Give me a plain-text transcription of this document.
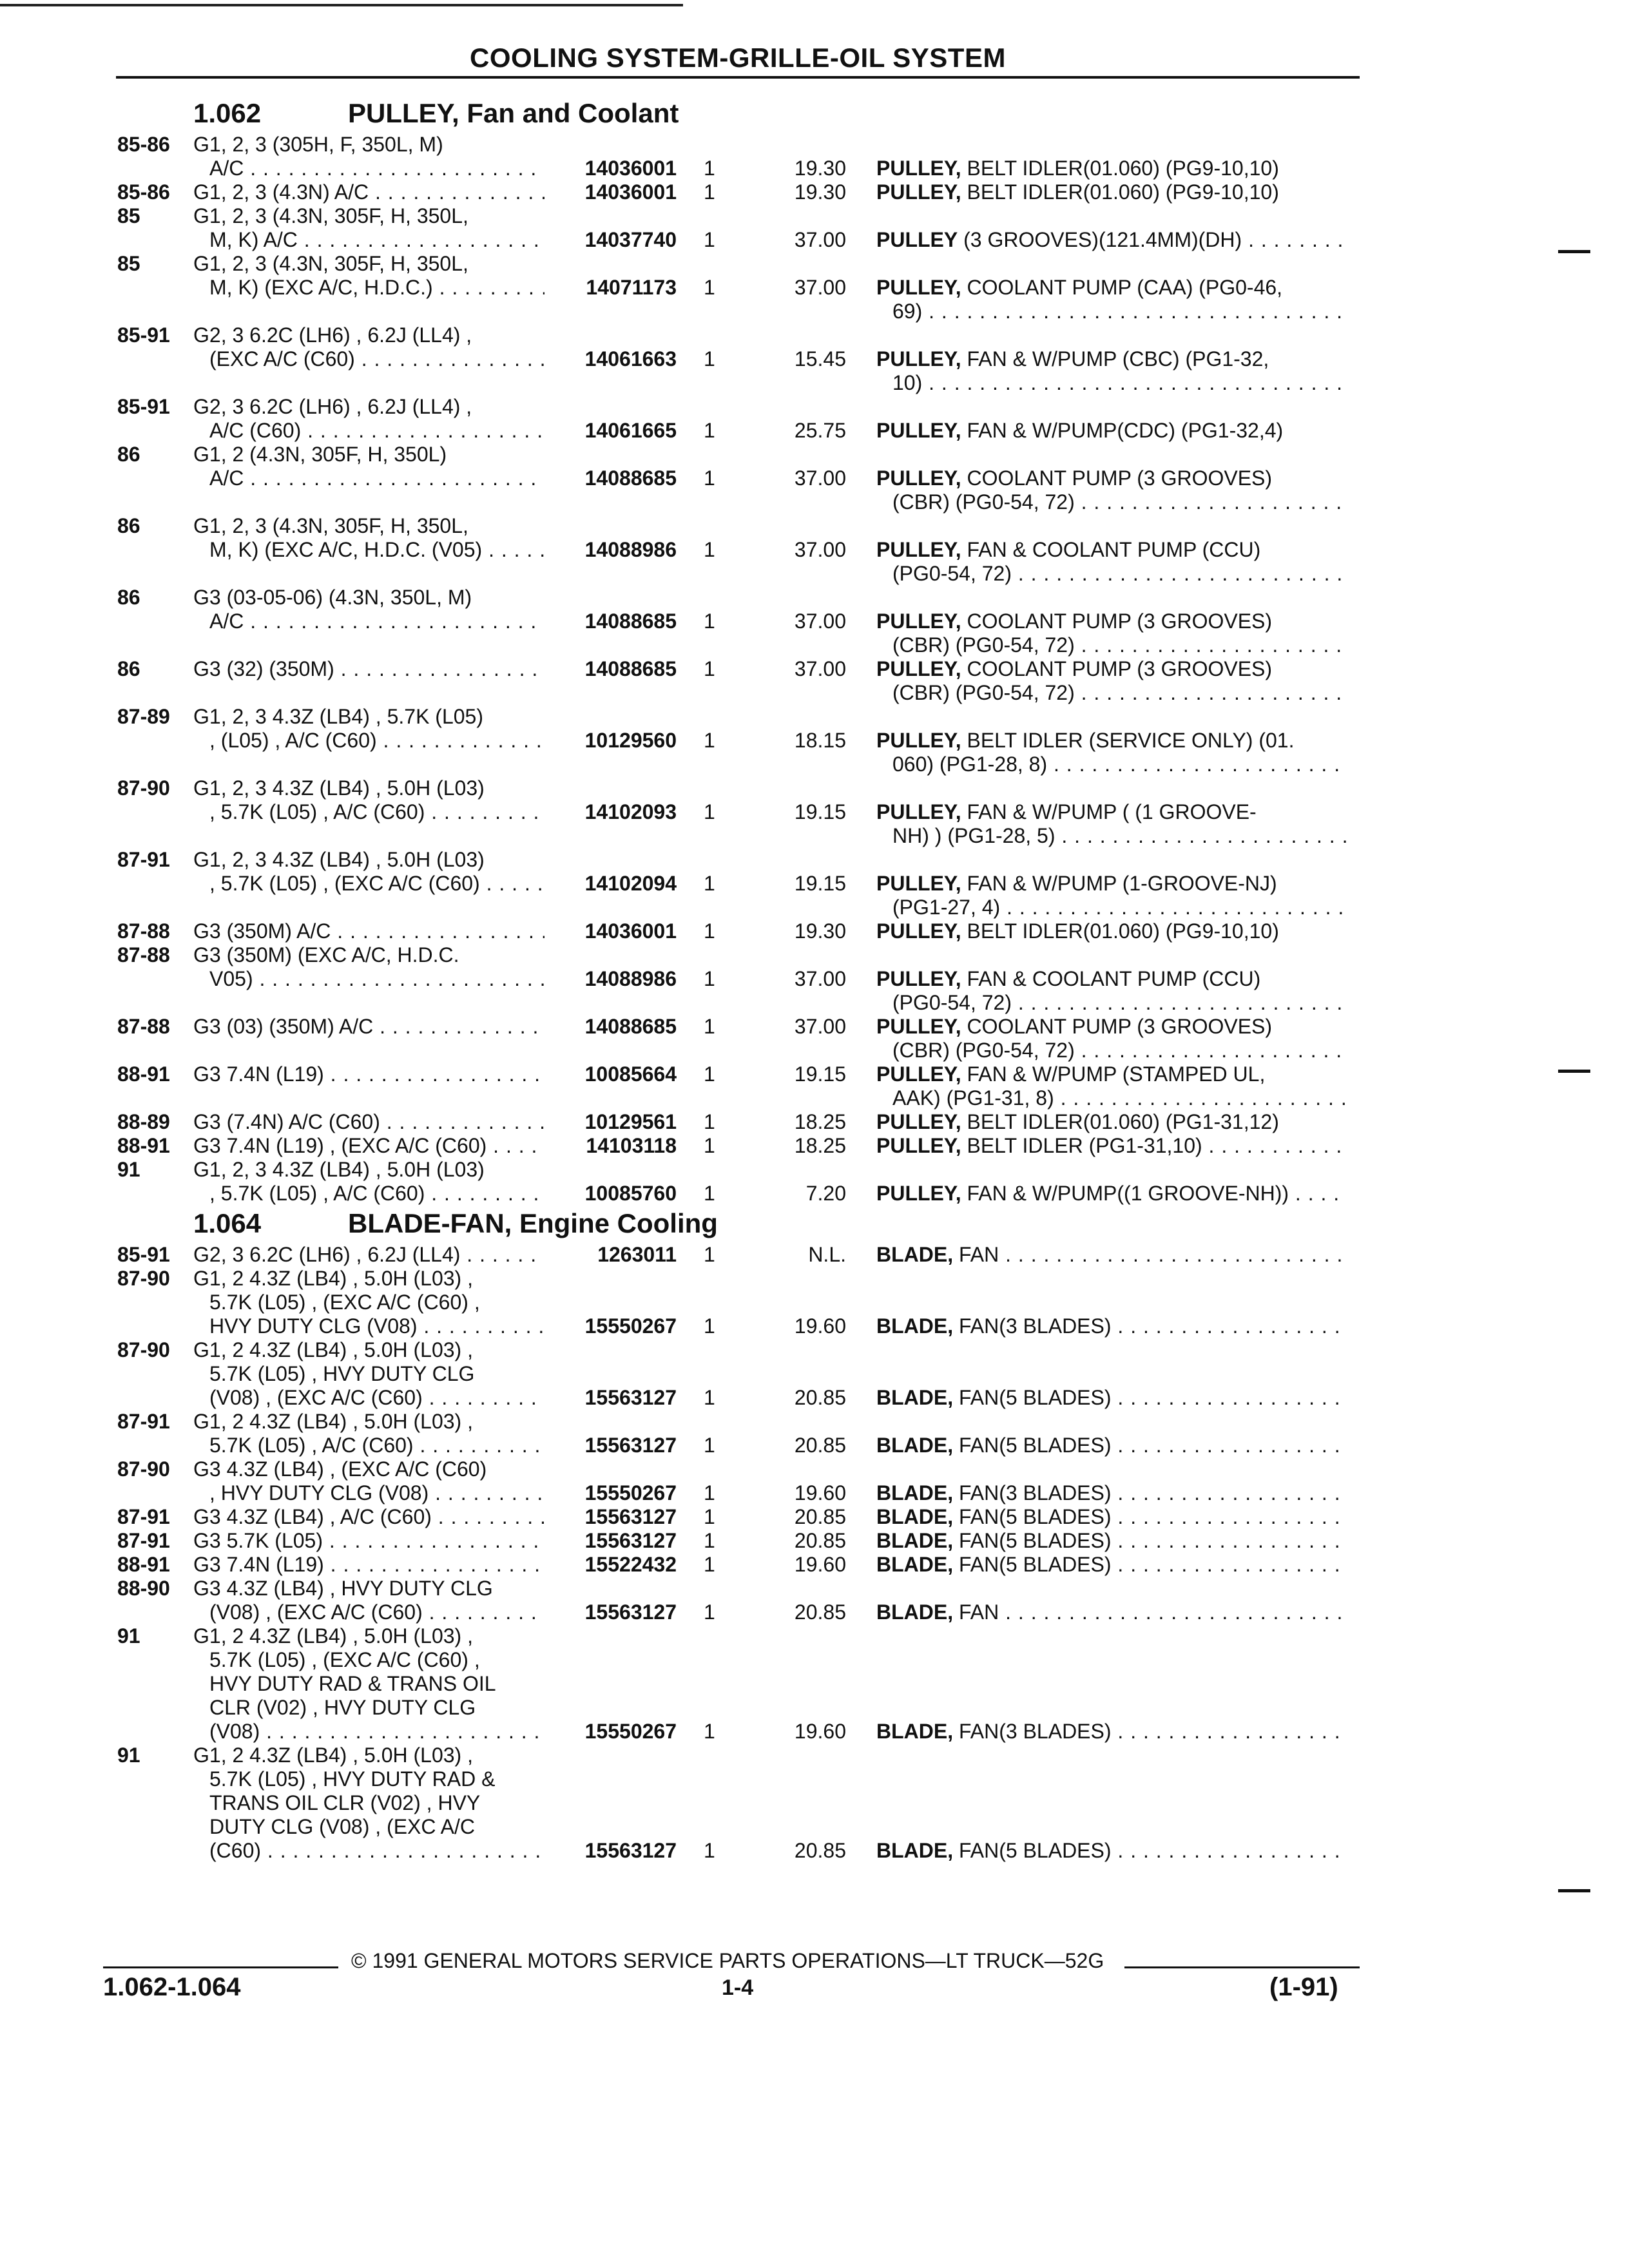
COOLING SYSTEM-GRILLE-OIL SYSTEM
1.062	PULLEY, Fan and Coolant
85-86 G1, 2, 3 (305H, F, 350L, M)
A/C . . .	14036001 1	19.30 PULLEY, BELT IDLER(01.060) (PG9-10,10)
85-86 G1, 2, 3 (4.3N) A/C . . .	14036001 1	19.30 PULLEY, BELT IDLER(01.060) (PG9-10,10)
85	G1, 2, 3 (4.3N, 305F, H, 350L,
M, K) A/C . . .	14037740 1	37.00 PULLEY (3 GROOVES)(121.4MM)(DH) . . .
85	G1, 2, 3 (4.3N, 305F, H, 350L,
M, K) (EXC A/C, H.D.C.) . . .	14071173 1	37.00 PULLEY, COOLANT PUMP (CAA) (PG0-46,
69) . . .
85-91 G2, 3 6.2C (LH6) , 6.2J (LL4) ,
(EXC A/C (C60) . . .	14061663 1	15.45 PULLEY, FAN & W/PUMP (CBC) (PG1-32,
10) . . .
85-91 G2, 3 6.2C (LH6) , 6.2J (LL4) ,
A/C (C60) . . .	14061665 1	25.75 PULLEY, FAN & W/PUMP(CDC) (PG1-32,4)
86	G1, 2 (4.3N, 305F, H, 350L)
A/C . . .	14088685 1	37.00 PULLEY, COOLANT PUMP (3 GROOVES)
(CBR) (PG0-54, 72) . . .
86	G1, 2, 3 (4.3N, 305F, H, 350L,
M, K) (EXC A/C, H.D.C. (V05) . . .	14088986 1	37.00 PULLEY, FAN & COOLANT PUMP (CCU)
(PG0-54, 72) . . .
86	G3 (03-05-06) (4.3N, 350L, M)
A/C . . .	14088685 1	37.00 PULLEY, COOLANT PUMP (3 GROOVES)
(CBR) (PG0-54, 72) . . .
86	G3 (32) (350M) . . .	14088685 1	37.00 PULLEY, COOLANT PUMP (3 GROOVES)
(CBR) (PG0-54, 72) . . .
87-89 G1, 2, 3 4.3Z (LB4) , 5.7K (L05)
, (L05) , A/C (C60) . . .	10129560 1	18.15 PULLEY, BELT IDLER (SERVICE ONLY) (01.
060) (PG1-28, 8) . . .
87-90 G1, 2, 3 4.3Z (LB4) , 5.0H (L03)
, 5.7K (L05) , A/C (C60) . . .	14102093 1	19.15 PULLEY, FAN & W/PUMP ( (1 GROOVE-
NH) ) (PG1-28, 5) . . .
87-91 G1, 2, 3 4.3Z (LB4) , 5.0H (L03)
, 5.7K (L05) , (EXC A/C (C60) . . .	14102094 1	19.15 PULLEY, FAN & W/PUMP (1-GROOVE-NJ)
(PG1-27, 4) . . .
87-88 G3 (350M) A/C . . .	14036001 1	19.30 PULLEY, BELT IDLER(01.060) (PG9-10,10)
87-88 G3 (350M) (EXC A/C, H.D.C.
V05) . . .	14088986 1	37.00 PULLEY, FAN & COOLANT PUMP (CCU)
(PG0-54, 72) . . .
87-88 G3 (03) (350M) A/C . . .	14088685 1	37.00 PULLEY, COOLANT PUMP (3 GROOVES)
(CBR) (PG0-54, 72) . . .
88-91 G3 7.4N (L19) . . .	10085664 1	19.15 PULLEY, FAN & W/PUMP (STAMPED UL,
AAK) (PG1-31, 8) . . .
88-89 G3 (7.4N) A/C (C60) . . .	10129561 1	18.25 PULLEY, BELT IDLER(01.060) (PG1-31,12)
88-91 G3 7.4N (L19) , (EXC A/C (C60) . . .	14103118 1	18.25 PULLEY, BELT IDLER (PG1-31,10) . . .
91	G1, 2, 3 4.3Z (LB4) , 5.0H (L03)
, 5.7K (L05) , A/C (C60) . . .	10085760 1	7.20 PULLEY, FAN & W/PUMP((1 GROOVE-NH)) . . .
1.064	BLADE-FAN, Engine Cooling
85-91 G2, 3 6.2C (LH6) , 6.2J (LL4) . . .	1263011 1	N.L. BLADE, FAN . . .
87-90 G1, 2 4.3Z (LB4) , 5.0H (L03) ,
5.7K (L05) , (EXC A/C (C60) ,
HVY DUTY CLG (V08) . . .	15550267 1	19.60 BLADE, FAN(3 BLADES) . . .
87-90 G1, 2 4.3Z (LB4) , 5.0H (L03) ,
5.7K (L05) , HVY DUTY CLG
(V08) , (EXC A/C (C60) . . .	15563127 1	20.85 BLADE, FAN(5 BLADES) . . .
87-91 G1, 2 4.3Z (LB4) , 5.0H (L03) ,
5.7K (L05) , A/C (C60) . . .	15563127 1	20.85 BLADE, FAN(5 BLADES) . . .
87-90 G3 4.3Z (LB4) , (EXC A/C (C60)
, HVY DUTY CLG (V08) . . .	15550267 1	19.60 BLADE, FAN(3 BLADES) . . .
87-91 G3 4.3Z (LB4) , A/C (C60) . . .	15563127 1	20.85 BLADE, FAN(5 BLADES) . . .
87-91 G3 5.7K (L05) . . .	15563127 1	20.85 BLADE, FAN(5 BLADES) . . .
88-91 G3 7.4N (L19) . . .	15522432 1	19.60 BLADE, FAN(5 BLADES) . . .
88-90 G3 4.3Z (LB4) , HVY DUTY CLG
(V08) , (EXC A/C (C60) . . .	15563127 1	20.85 BLADE, FAN . . .
91	G1, 2 4.3Z (LB4) , 5.0H (L03) ,
5.7K (L05) , (EXC A/C (C60) ,
HVY DUTY RAD & TRANS OIL
CLR (V02) , HVY DUTY CLG
(V08) . . .	15550267 1	19.60 BLADE, FAN(3 BLADES) . . .
91	G1, 2 4.3Z (LB4) , 5.0H (L03) ,
5.7K (L05) , HVY DUTY RAD &
TRANS OIL CLR (V02) , HVY
DUTY CLG (V08) , (EXC A/C
(C60) . . .	15563127 1	20.85 BLADE, FAN(5 BLADES) . . .
© 1991 GENERAL MOTORS SERVICE PARTS OPERATIONS—LT TRUCK—52G
1.062-1.064	1-4	(1-91)
